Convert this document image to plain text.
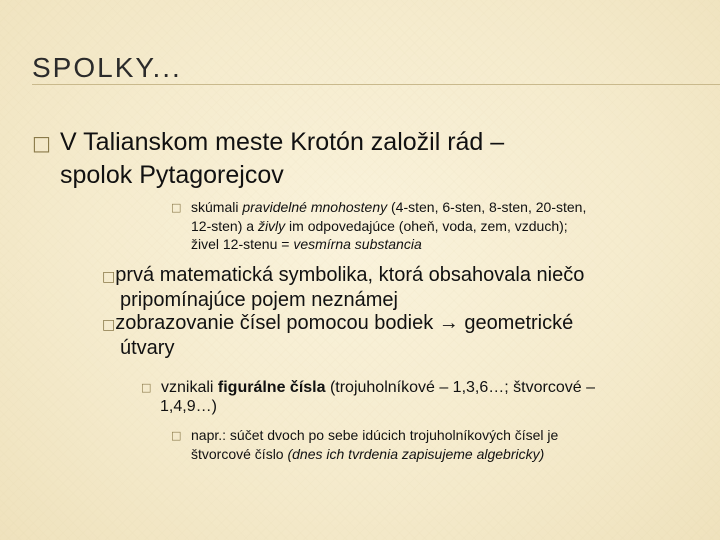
SPOLKY...
□ V Talianskom meste Krotón založil rád –
spolok Pytagorejcov

□ skúmali pravidelné mnohosteny (4-sten, 6-sten, 8-sten, 20-sten,

12-sten) a živly im odpovedajúce (oheň, voda, zem, vzduch);

živel 12-stenu = vesmírna substancia

□prvá matematická symbolika, ktorá obsahovala niečo

pripomínajúce pojem neznámej

□zobrazovanie čísel pomocou bodiek → geometrické

útvary

□ vznikali figurálne čísla (trojuholníkové – 1,3,6…; štvorcové –

1,4,9…)

□ napr.: súčet dvoch po sebe idúcich trojuholníkových čísel je

štvorcové číslo (dnes ich tvrdenia zapisujeme algebricky)
